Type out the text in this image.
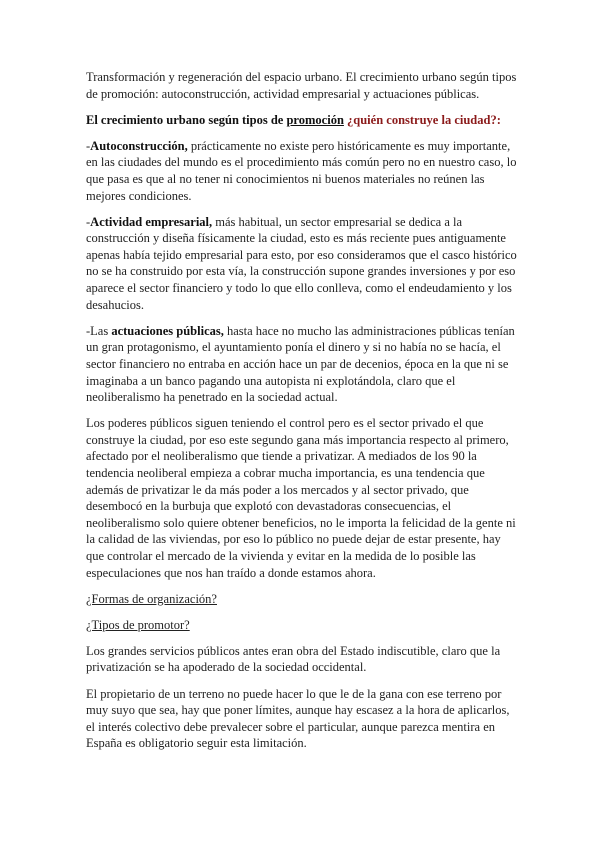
Transformación y regeneración del espacio urbano. El crecimiento urbano según tipos de promoción: autoconstrucción, actividad empresarial y actuaciones públicas.

El crecimiento urbano según tipos de promoción ¿quién construye la ciudad?:

-Autoconstrucción, prácticamente no existe pero históricamente es muy importante, en las ciudades del mundo es el procedimiento más común pero no en nuestro caso, lo que pasa es que al no tener ni conocimientos ni buenos materiales no reúnen las mejores condiciones.

-Actividad empresarial, más habitual, un sector empresarial se dedica a la construcción y diseña físicamente la ciudad, esto es más reciente pues antiguamente apenas había tejido empresarial para esto, por eso consideramos que el casco histórico no se ha construido por esta vía, la construcción supone grandes inversiones y por eso aparece el sector financiero y todo lo que ello conlleva, como el endeudamiento y los desahucios.

-Las actuaciones públicas, hasta hace no mucho las administraciones públicas tenían un gran protagonismo, el ayuntamiento ponía el dinero y si no había no se hacía, el sector financiero no entraba en acción hace un par de decenios, época en la que ni se imaginaba a un banco pagando una autopista ni explotándola, claro que el neoliberalismo ha penetrado en la sociedad actual.

Los poderes públicos siguen teniendo el control pero es el sector privado el que construye la ciudad, por eso este segundo gana más importancia respecto al primero, afectado por el neoliberalismo que tiende a privatizar. A mediados de los 90 la tendencia neoliberal empieza a cobrar mucha importancia, es una tendencia que además de privatizar le da más poder a los mercados y al sector privado, que desembocó en la burbuja que explotó con devastadoras consecuencias, el neoliberalismo solo quiere obtener beneficios, no le importa la felicidad de la gente ni la calidad de las viviendas, por eso lo público no puede dejar de estar presente, hay que controlar el mercado de la vivienda y evitar en la medida de lo posible las especulaciones que nos han traído a donde estamos ahora.

¿Formas de organización?

¿Tipos de promotor?

Los grandes servicios públicos antes eran obra del Estado indiscutible, claro que la privatización se ha apoderado de la sociedad occidental.

El propietario de un terreno no puede hacer lo que le de la gana con ese terreno por muy suyo que sea, hay que poner límites, aunque hay escasez a la hora de aplicarlos, el interés colectivo debe prevalecer sobre el particular, aunque parezca mentira en España es obligatorio seguir esta limitación.
